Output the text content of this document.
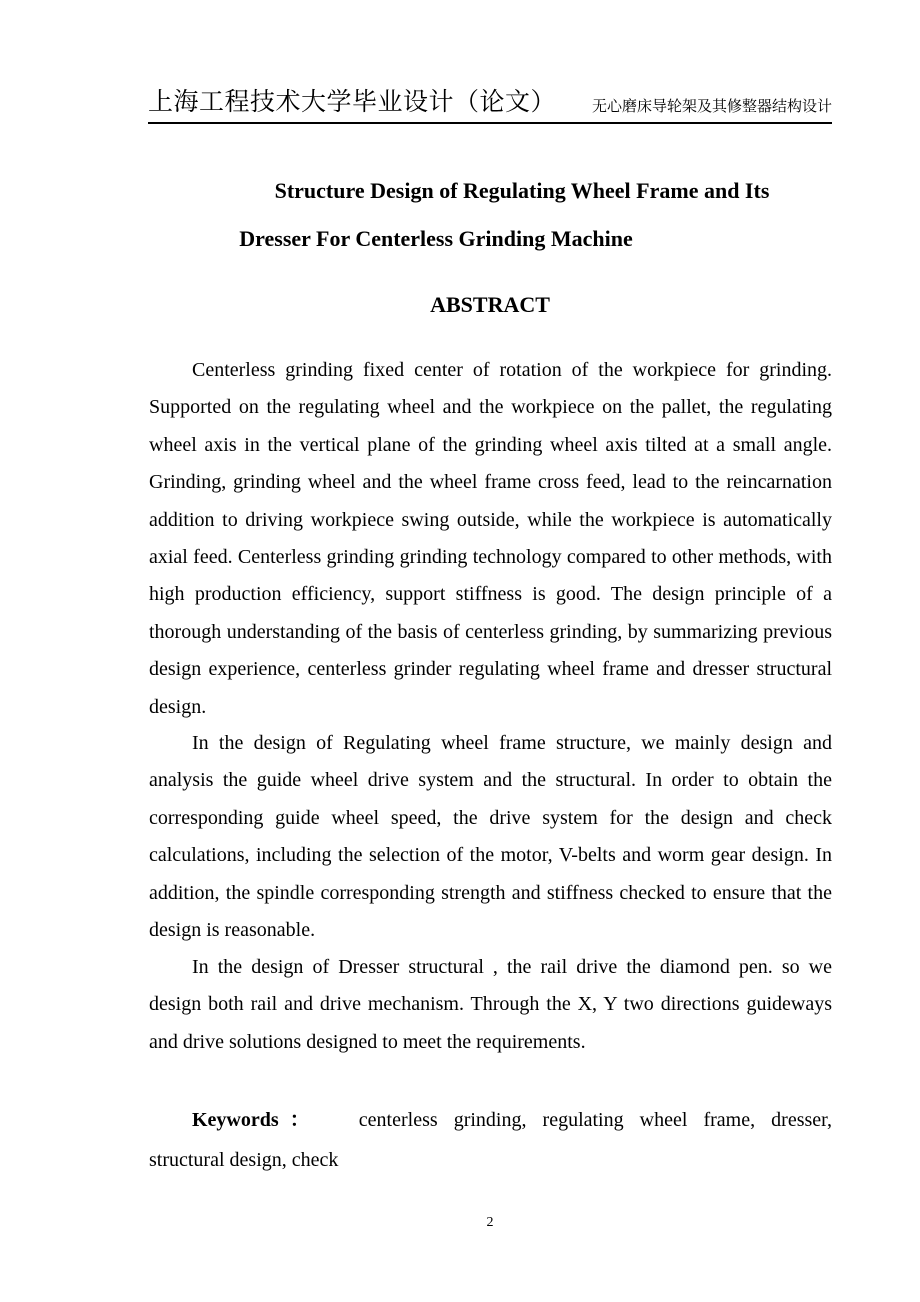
上海工程技术大学毕业设计（论文） 无心磨床导轮架及其修整器结构设计
Structure Design of Regulating Wheel Frame and Its
Dresser For Centerless Grinding Machine
ABSTRACT

Centerless grinding fixed center of rotation of the workpiece for grinding. Supported on the regulating wheel and the workpiece on the pallet, the regulating wheel axis in the vertical plane of the grinding wheel axis tilted at a small angle. Grinding, grinding wheel and the wheel frame cross feed, lead to the reincarnation addition to driving workpiece swing outside, while the workpiece is automatically axial feed. Centerless grinding grinding technology compared to other methods, with high production efficiency, support stiffness is good. The design principle of a thorough understanding of the basis of centerless grinding, by summarizing previous design experience, centerless grinder regulating wheel frame and dresser structural design.

In the design of Regulating wheel frame structure, we mainly design and analysis the guide wheel drive system and the structural. In order to obtain the corresponding guide wheel speed, the drive system for the design and check calculations, including the selection of the motor, V-belts and worm gear design. In addition, the spindle corresponding strength and stiffness checked to ensure that the design is reasonable.

In the design of Dresser structural , the rail drive the diamond pen. so we design both rail and drive mechanism. Through the X, Y two directions guideways and drive solutions designed to meet the requirements.

Keywords： centerless grinding, regulating wheel frame, dresser, structural design, check
2
